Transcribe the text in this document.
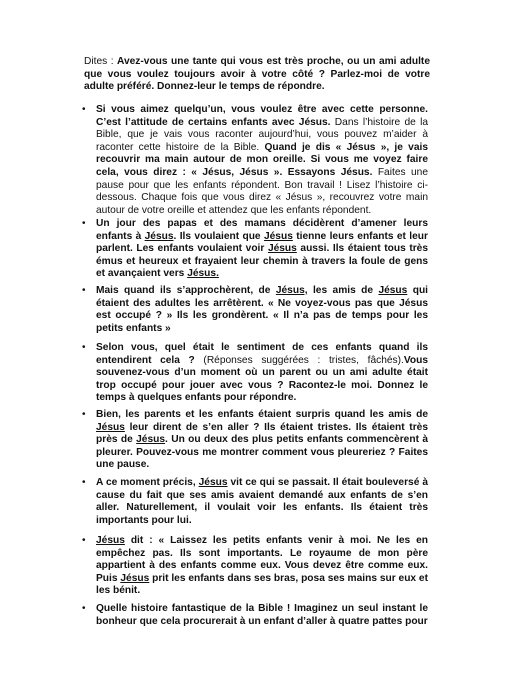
Dites : Avez-vous une tante qui vous est très proche, ou un ami adulte que vous voulez toujours avoir à votre côté ? Parlez-moi de votre adulte préféré. Donnez-leur le temps de répondre.

• Si vous aimez quelqu’un, vous voulez être avec cette personne. C’est l’attitude de certains enfants avec Jésus. Dans l’histoire de la Bible, que je vais vous raconter aujourd’hui, vous pouvez m’aider à raconter cette histoire de la Bible. Quand je dis « Jésus », je vais recouvrir ma main autour de mon oreille. Si vous me voyez faire cela, vous direz : « Jésus, Jésus ». Essayons Jésus. Faites une pause pour que les enfants répondent. Bon travail ! Lisez l’histoire ci-dessous. Chaque fois que vous direz « Jésus », recouvrez votre main autour de votre oreille et attendez que les enfants répondent.

• Un jour des papas et des mamans décidèrent d’amener leurs enfants à Jésus. Ils voulaient que Jésus tienne leurs enfants et leur parlent. Les enfants voulaient voir Jésus aussi. Ils étaient tous très émus et heureux et frayaient leur chemin à travers la foule de gens et avançaient vers Jésus.

• Mais quand ils s’approchèrent, de Jésus, les amis de Jésus qui étaient des adultes les arrêtèrent. « Ne voyez-vous pas que Jésus est occupé ? » Ils les grondèrent. « Il n’a pas de temps pour les petits enfants »

• Selon vous, quel était le sentiment de ces enfants quand ils entendirent cela ? (Réponses suggérées : tristes, fâchés).Vous souvenez-vous d’un moment où un parent ou un ami adulte était trop occupé pour jouer avec vous ? Racontez-le moi. Donnez le temps à quelques enfants pour répondre.

• Bien, les parents et les enfants étaient surpris quand les amis de Jésus leur dirent de s’en aller ? Ils étaient tristes. Ils étaient très près de Jésus. Un ou deux des plus petits enfants commencèrent à pleurer. Pouvez-vous me montrer comment vous pleureriez ? Faites une pause.

• A ce moment précis, Jésus vit ce qui se passait. Il était bouleversé à cause du fait que ses amis avaient demandé aux enfants de s’en aller. Naturellement, il voulait voir les enfants. Ils étaient très importants pour lui.

• Jésus dit : « Laissez les petits enfants venir à moi. Ne les en empêchez pas. Ils sont importants. Le royaume de mon père appartient à des enfants comme eux. Vous devez être comme eux. Puis Jésus prit les enfants dans ses bras, posa ses mains sur eux et les bénit.

• Quelle histoire fantastique de la Bible ! Imaginez un seul instant le bonheur que cela procurerait à un enfant d’aller à quatre pattes pour
